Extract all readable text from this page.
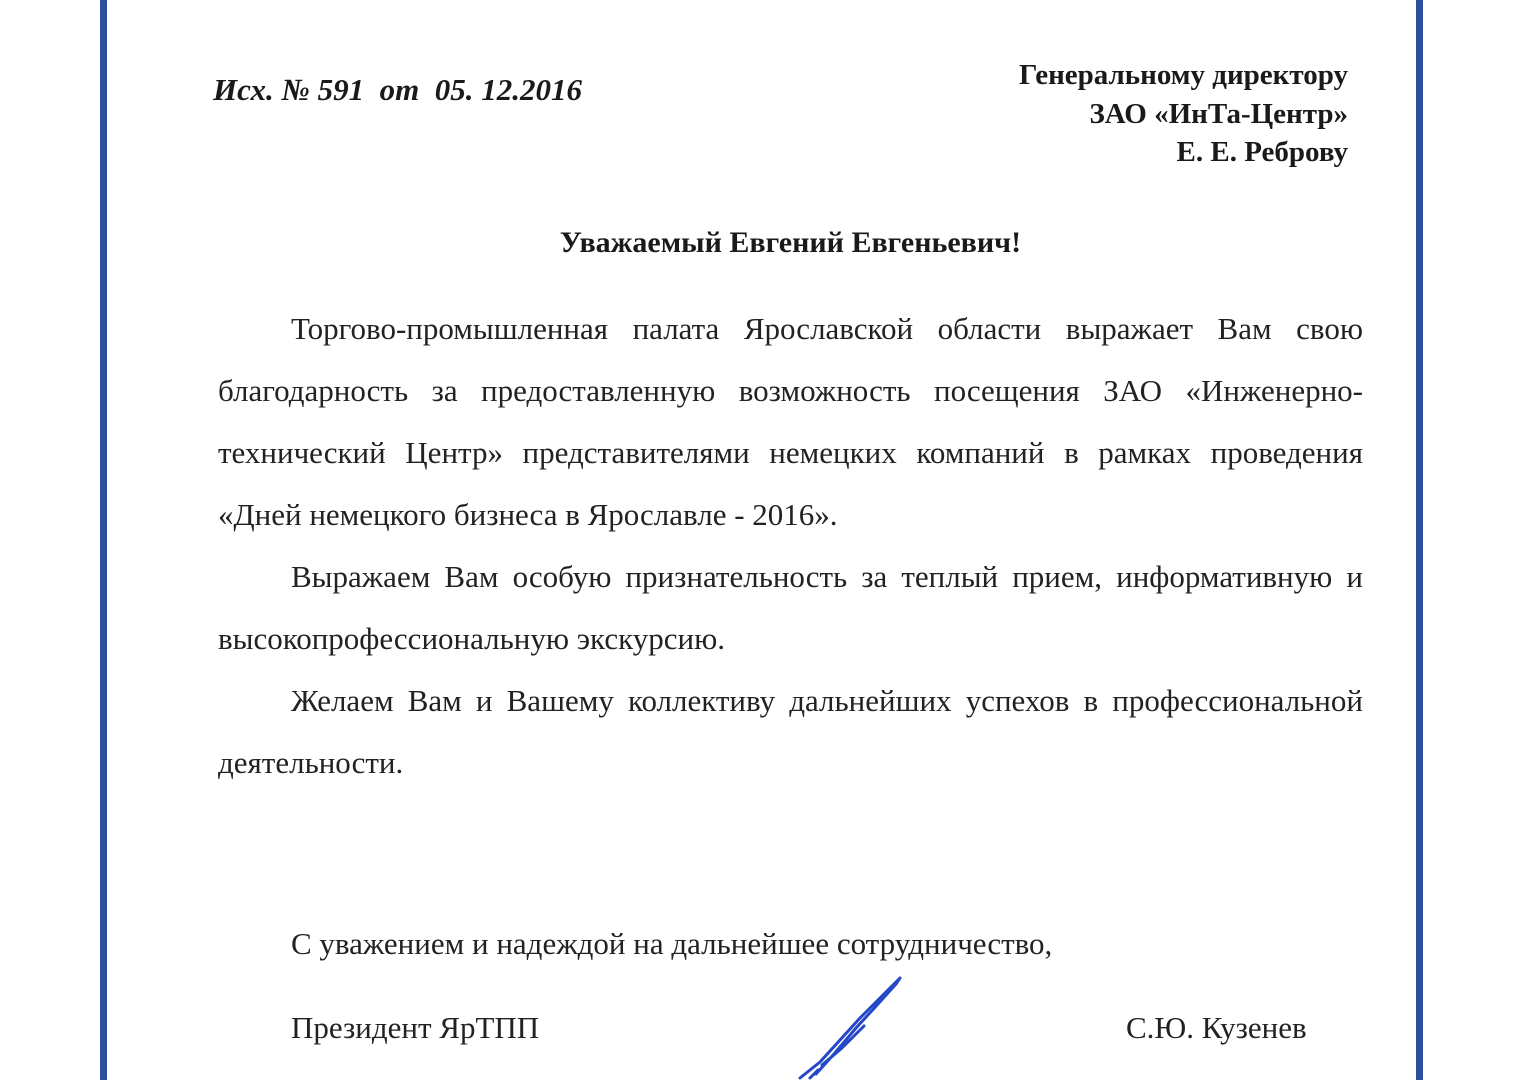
Исх. № 591  от  05. 12.2016	Генеральному директору
ЗАО «ИнТа-Центр»
Е. Е. Реброву
Уважаемый Евгений Евгеньевич!

Торгово-промышленная палата Ярославской области выражает Вам свою благодарность за предоставленную возможность посещения ЗАО «Инженерно-технический Центр» представителями немецких компаний в рамках проведения «Дней немецкого бизнеса в Ярославле - 2016».

Выражаем Вам особую признательность за теплый прием, информативную и высокопрофессиональную экскурсию.

Желаем Вам и Вашему коллективу дальнейших успехов в профессиональной деятельности.

С уважением и надеждой на дальнейшее сотрудничество,
Президент ЯрТПП	С.Ю. Кузенев
